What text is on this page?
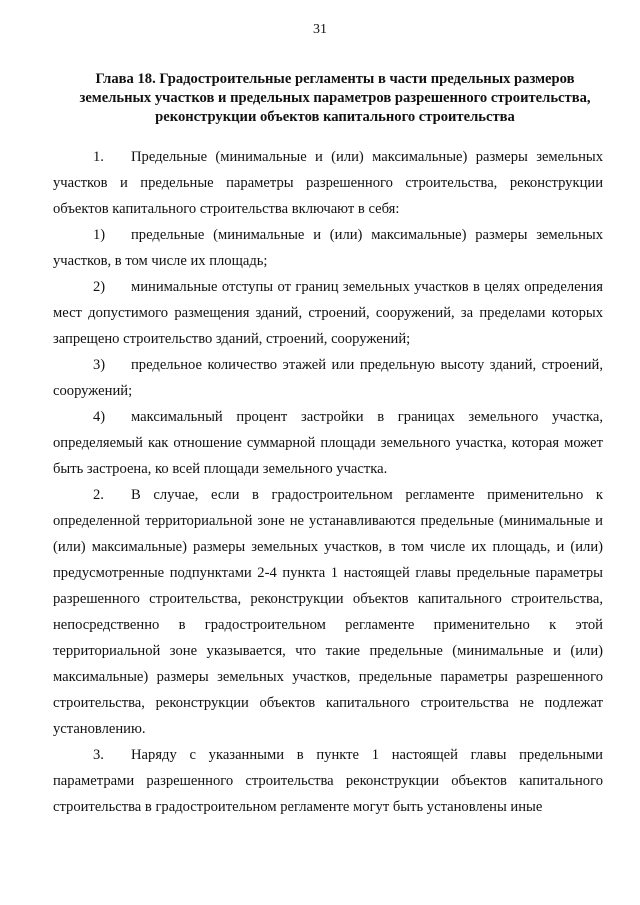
31
Глава 18. Градостроительные регламенты в части предельных размеров
земельных участков и предельных параметров разрешенного строительства,
реконструкции объектов капитального строительства

1. Предельные (минимальные и (или) максимальные) размеры земельных участков и предельные параметры разрешенного строительства, реконструкции объектов капитального строительства включают в себя:

1) предельные (минимальные и (или) максимальные) размеры земельных участков, в том числе их площадь;

2) минимальные отступы от границ земельных участков в целях определения мест допустимого размещения зданий, строений, сооружений, за пределами которых запрещено строительство зданий, строений, сооружений;

3) предельное количество этажей или предельную высоту зданий, строений, сооружений;

4) максимальный процент застройки в границах земельного участка, определяемый как отношение суммарной площади земельного участка, которая может быть застроена, ко всей площади земельного участка.

2. В случае, если в градостроительном регламенте применительно к определенной территориальной зоне не устанавливаются предельные (минимальные и (или) максимальные) размеры земельных участков, в том числе их площадь, и (или) предусмотренные подпунктами 2-4 пункта 1 настоящей главы предельные параметры разрешенного строительства, реконструкции объектов капитального строительства, непосредственно в градостроительном регламенте применительно к этой территориальной зоне указывается, что такие предельные (минимальные и (или) максимальные) размеры земельных участков, предельные параметры разрешенного строительства, реконструкции объектов капитального строительства не подлежат установлению.

3. Наряду с указанными в пункте 1 настоящей главы предельными параметрами разрешенного строительства реконструкции объектов капитального строительства в градостроительном регламенте могут быть установлены иные
